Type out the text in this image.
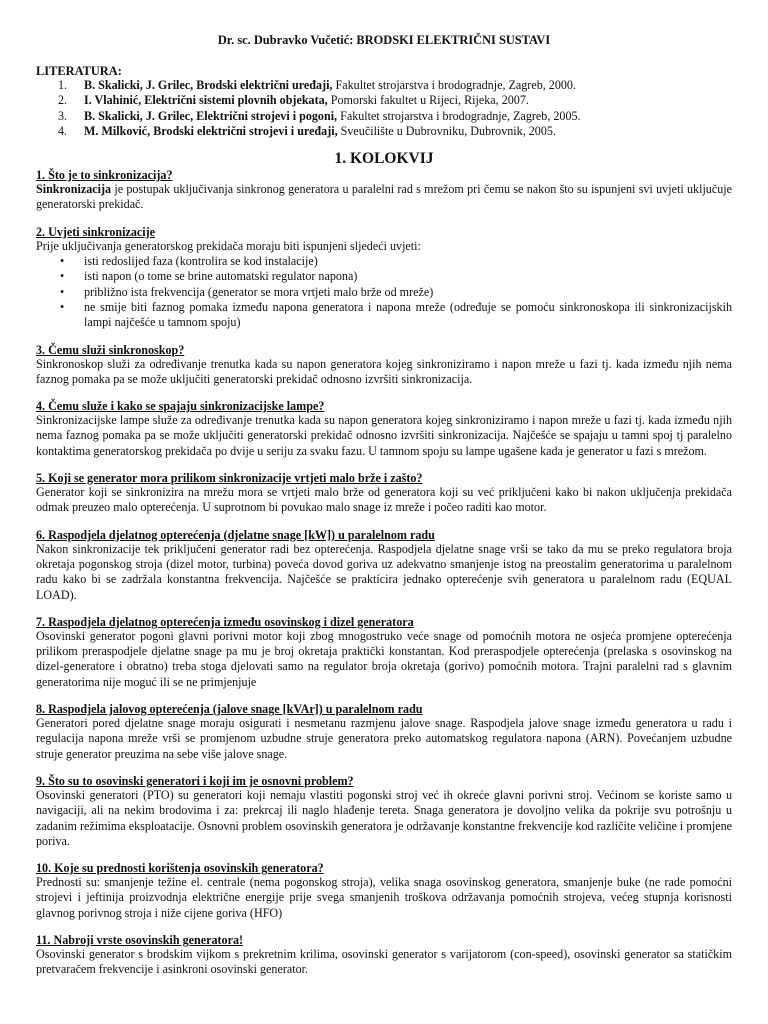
Dr. sc. Dubravko Vučetić: BRODSKI ELEKTRIČNI SUSTAVI

LITERATURA:

1. B. Skalicki, J. Grilec, Brodski električni uređaji, Fakultet strojarstva i brodogradnje, Zagreb, 2000.
2. I. Vlahinić, Električni sistemi plovnih objekata, Pomorski fakultet u Rijeci, Rijeka, 2007.
3. B. Skalicki, J. Grilec, Električni strojevi i pogoni, Fakultet strojarstva i brodogradnje, Zagreb, 2005.
4. M. Milković, Brodski električni strojevi i uređaji, Sveučilište u Dubrovniku, Dubrovnik, 2005.
1. KOLOKVIJ

1. Što je to sinkronizacija?

Sinkronizacija je postupak uključivanja sinkronog generatora u paralelni rad s mrežom pri čemu se nakon što su ispunjeni svi uvjeti uključuje generatorski prekidač.

2. Uvjeti sinkronizacije

Prije uključivanja generatorskog prekidača moraju biti ispunjeni sljedeći uvjeti:

• isti redoslijed faza (kontrolira se kod instalacije)
• isti napon (o tome se brine automatski regulator napona)
• približno ista frekvencija (generator se mora vrtjeti malo brže od mreže)
• ne smije biti faznog pomaka između napona generatora i napona mreže (određuje se pomoću sinkronoskopa ili sinkronizacijskih lampi najčešće u tamnom spoju)

3. Čemu služi sinkronoskop?

Sinkronoskop služi za određivanje trenutka kada su napon generatora kojeg sinkroniziramo i napon mreže u fazi tj. kada između njih nema faznog pomaka pa se može uključiti generatorski prekidač odnosno izvršiti sinkronizacija.

4. Čemu služe i kako se spajaju sinkronizacijske lampe?

Sinkronizacijske lampe služe za određivanje trenutka kada su napon generatora kojeg sinkroniziramo i napon mreže u fazi tj. kada između njih nema faznog pomaka pa se može uključiti generatorski prekidač odnosno izvršiti sinkronizacija. Najčešće se spajaju u tamni spoj tj paralelno kontaktima generatorskog prekidača po dvije u seriju za svaku fazu. U tamnom spoju su lampe ugašene kada je generator u fazi s mrežom.

5. Koji se generator mora prilikom sinkronizacije vrtjeti malo brže i zašto?

Generator koji se sinkronizira na mrežu mora se vrtjeti malo brže od generatora koji su već priključeni kako bi nakon uključenja prekidača odmak preuzeo malo opterećenja. U suprotnom bi povukao malo snage iz mreže i počeo raditi kao motor.

6. Raspodjela djelatnog opterećenja (djelatne snage [kW]) u paralelnom radu

Nakon sinkronizacije tek priključeni generator radi bez opterećenja. Raspodjela djelatne snage vrši se tako da mu se preko regulatora broja okretaja pogonskog stroja (dizel motor, turbina) poveća dovod goriva uz adekvatno smanjenje istog na preostalim generatorima u paralelnom radu kako bi se zadržala konstantna frekvencija. Najčešće se praktícira jednako opterećenje svih generatora u paralelnom radu (EQUAL LOAD).

7. Raspodjela djelatnog opterećenja između osovinskog i dizel generatora

Osovinski generator pogoni glavni porivni motor koji zbog mnogostruko veće snage od pomoćnih motora ne osjeća promjene opterećenja prilikom preraspodjele djelatne snage pa mu je broj okretaja praktički konstantan. Kod preraspodjele opterećenja (prelaska s osovinskog na dizel-generatore i obratno) treba stoga djelovati samo na regulator broja okretaja (gorivo) pomoćnih motora. Trajni paralelni rad s glavnim generatorima nije moguć ili se ne primjenjuje

8. Raspodjela jalovog opterećenja (jalove snage [kVAr]) u paralelnom radu

Generatori pored djelatne snage moraju osigurati i nesmetanu razmjenu jalove snage. Raspodjela jalove snage između generatora u radu i regulacija napona mreže vrši se promjenom uzbudne struje generatora preko automatskog regulatora napona (ARN). Povećanjem uzbudne struje generator preuzima na sebe više jalove snage.

9. Što su to osovinski generatori i koji im je osnovni problem?

Osovinski generatori (PTO) su generatori koji nemaju vlastiti pogonski stroj već ih okreće glavni porivni stroj. Većinom se koriste samo u navigaciji, ali na nekim brodovima i za: prekrcaj ili naglo hlađenje tereta. Snaga generatora je dovoljno velika da pokrije svu potrošnju u zadanim režimima eksploatacije. Osnovni problem osovinskih generatora je održavanje konstantne frekvencije kod različite veličine i promjene poriva.

10. Koje su prednosti korištenja osovinskih generatora?

Prednosti su: smanjenje težine el. centrale (nema pogonskog stroja), velika snaga osovinskog generatora, smanjenje buke (ne rade pomoćni strojevi i jeftinija proizvodnja električne energije prije svega smanjenih troškova održavanja pomoćnih strojeva, većeg stupnja korisnosti glavnog porivnog stroja i niže cijene goriva (HFO)

11. Nabroji vrste osovinskih generatora!

Osovinski generator s brodskim vijkom s prekretnim krilima, osovinski generator s varijatorom (con-speed), osovinski generator sa statičkim pretvaračem frekvencije i asinkroni osovinski generator.
